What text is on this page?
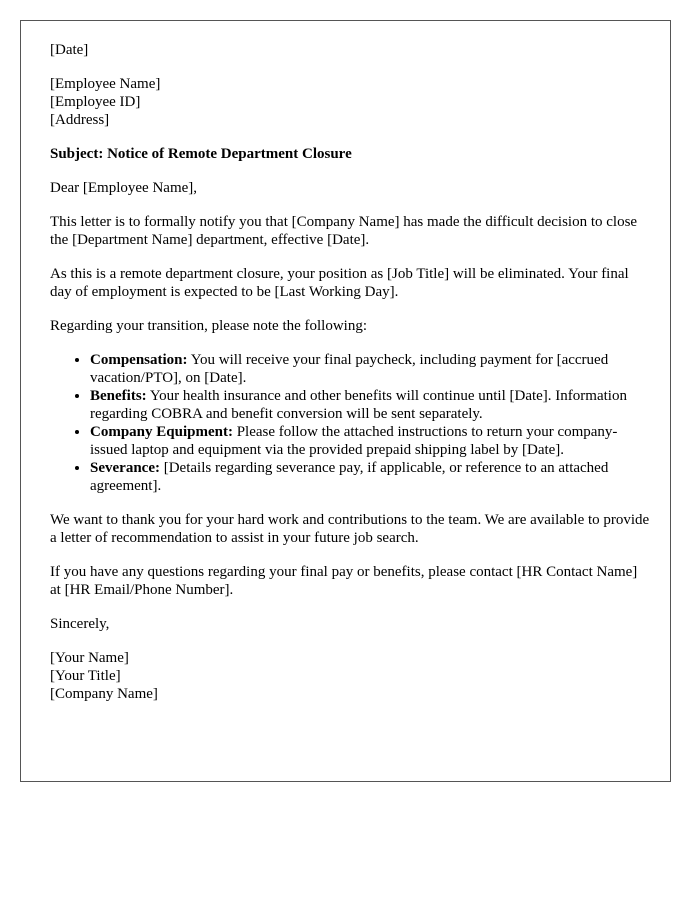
[Date]

[Employee Name]
[Employee ID]
[Address]

Subject: Notice of Remote Department Closure

Dear [Employee Name],

This letter is to formally notify you that [Company Name] has made the difficult decision to close the [Department Name] department, effective [Date].

As this is a remote department closure, your position as [Job Title] will be eliminated. Your final day of employment is expected to be [Last Working Day].

Regarding your transition, please note the following:

• Compensation: You will receive your final paycheck, including payment for [accrued vacation/PTO], on [Date].
• Benefits: Your health insurance and other benefits will continue until [Date]. Information regarding COBRA and benefit conversion will be sent separately.
• Company Equipment: Please follow the attached instructions to return your company-issued laptop and equipment via the provided prepaid shipping label by [Date].
• Severance: [Details regarding severance pay, if applicable, or reference to an attached agreement].

We want to thank you for your hard work and contributions to the team. We are available to provide a letter of recommendation to assist in your future job search.

If you have any questions regarding your final pay or benefits, please contact [HR Contact Name] at [HR Email/Phone Number].

Sincerely,

[Your Name]
[Your Title]
[Company Name]
